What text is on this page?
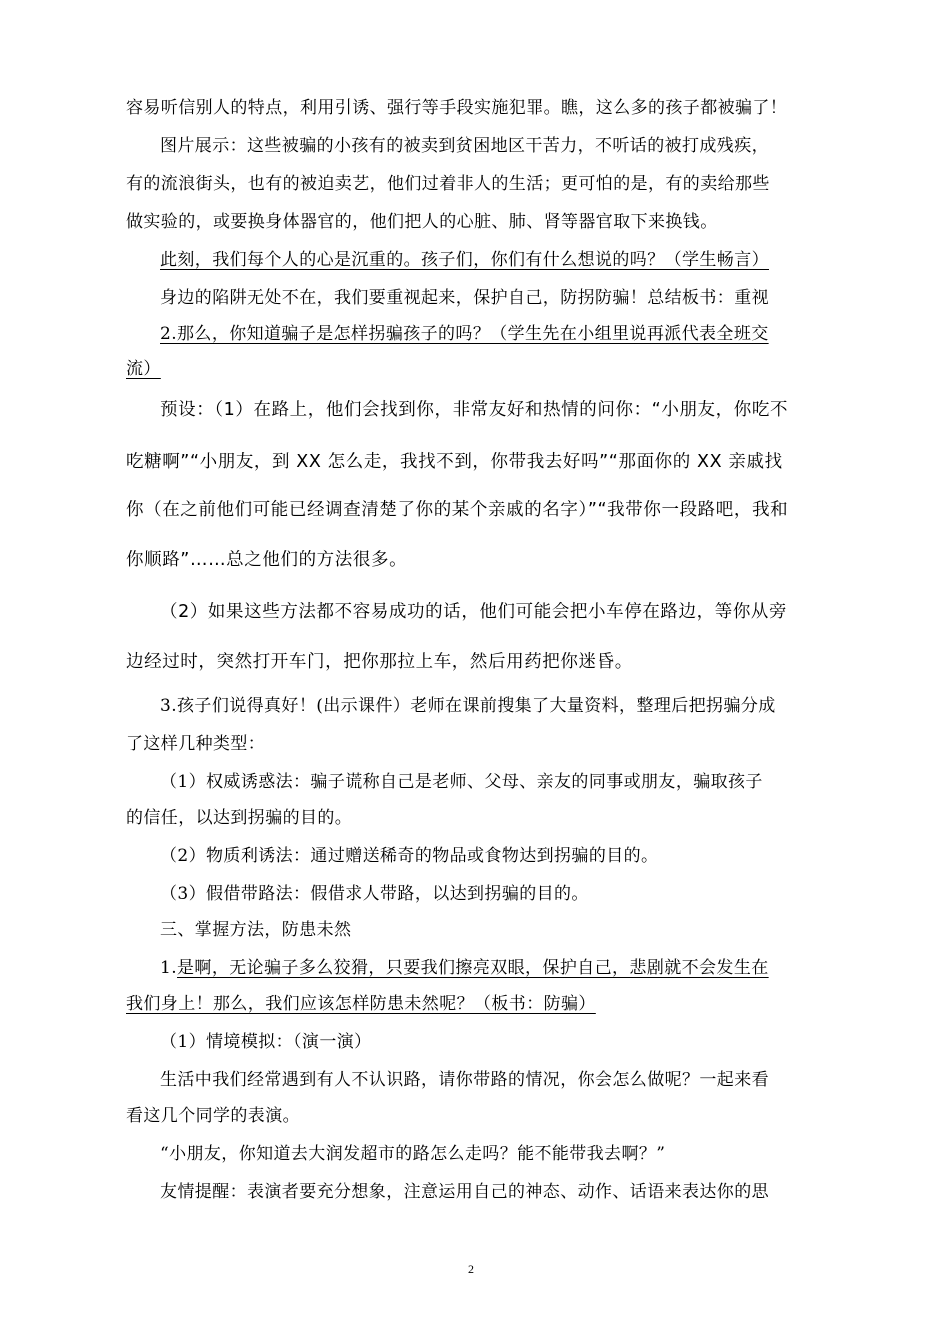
容易听信别人的特点，利用引诱、强行等手段实施犯罪。瞧，这么多的孩子都被骗了！
图片展示：这些被骗的小孩有的被卖到贫困地区干苦力，不听话的被打成残疾，
有的流浪街头，也有的被迫卖艺，他们过着非人的生活；更可怕的是，有的卖给那些
做实验的，或要换身体器官的，他们把人的心脏、肺、肾等器官取下来换钱。
此刻，我们每个人的心是沉重的。孩子们，你们有什么想说的吗？（学生畅言）
身边的陷阱无处不在，我们要重视起来，保护自己，防拐防骗！总结板书：重视
2.那么，你知道骗子是怎样拐骗孩子的吗？（学生先在小组里说再派代表全班交
流）
预设：（1）在路上，他们会找到你，非常友好和热情的问你：“小朋友，你吃不
吃糖啊”“小朋友，到 XX 怎么走，我找不到，你带我去好吗”“那面你的 XX 亲戚找
你（在之前他们可能已经调查清楚了你的某个亲戚的名字）”“我带你一段路吧，我和
你顺路”……总之他们的方法很多。
（2）如果这些方法都不容易成功的话，他们可能会把小车停在路边，等你从旁
边经过时，突然打开车门，把你那拉上车，然后用药把你迷昏。
3.孩子们说得真好！(出示课件）老师在课前搜集了大量资料，整理后把拐骗分成
了这样几种类型：
（1）权威诱惑法：骗子谎称自己是老师、父母、亲友的同事或朋友，骗取孩子
的信任，以达到拐骗的目的。
（2）物质利诱法：通过赠送稀奇的物品或食物达到拐骗的目的。
（3）假借带路法：假借求人带路，以达到拐骗的目的。
三、掌握方法，防患未然
1.是啊，无论骗子多么狡猾，只要我们擦亮双眼，保护自己，悲剧就不会发生在
我们身上！那么，我们应该怎样防患未然呢？（板书：防骗）
（1）情境模拟：（演一演）
生活中我们经常遇到有人不认识路，请你带路的情况，你会怎么做呢？一起来看
看这几个同学的表演。
“小朋友，你知道去大润发超市的路怎么走吗？能不能带我去啊？”
友情提醒：表演者要充分想象，注意运用自己的神态、动作、话语来表达你的思
2
